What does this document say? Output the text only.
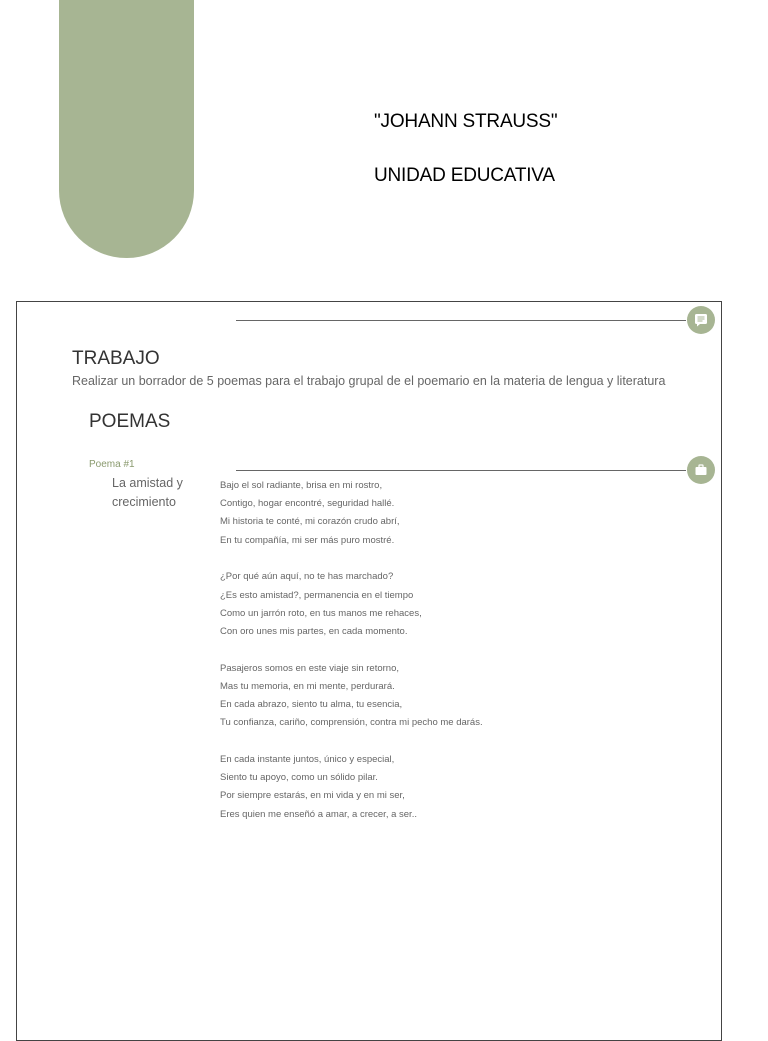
"JOHANN STRAUSS"
UNIDAD EDUCATIVA
TRABAJO
Realizar un borrador de 5 poemas para el trabajo grupal de el poemario en la materia de lengua y literatura
POEMAS
Poema #1
La amistad y crecimiento
Bajo el sol radiante, brisa en mi rostro,
Contigo, hogar encontré, seguridad hallé.
Mi historia te conté, mi corazón crudo abrí,
En tu compañía, mi ser más puro mostré.
¿Por qué aún aquí, no te has marchado?
¿Es esto amistad?, permanencia en el tiempo
Como un jarrón roto, en tus manos me rehaces,
Con oro unes mis partes, en cada momento.
Pasajeros somos en este viaje sin retorno,
Mas tu memoria, en mi mente, perdurará.
En cada abrazo, siento tu alma, tu esencia,
Tu confianza, cariño, comprensión, contra mi pecho me darás.
En cada instante juntos, único y especial,
Siento tu apoyo, como un sólido pilar.
Por siempre estarás, en mi vida y en mi ser,
Eres quien me enseñó a amar, a crecer, a ser..
